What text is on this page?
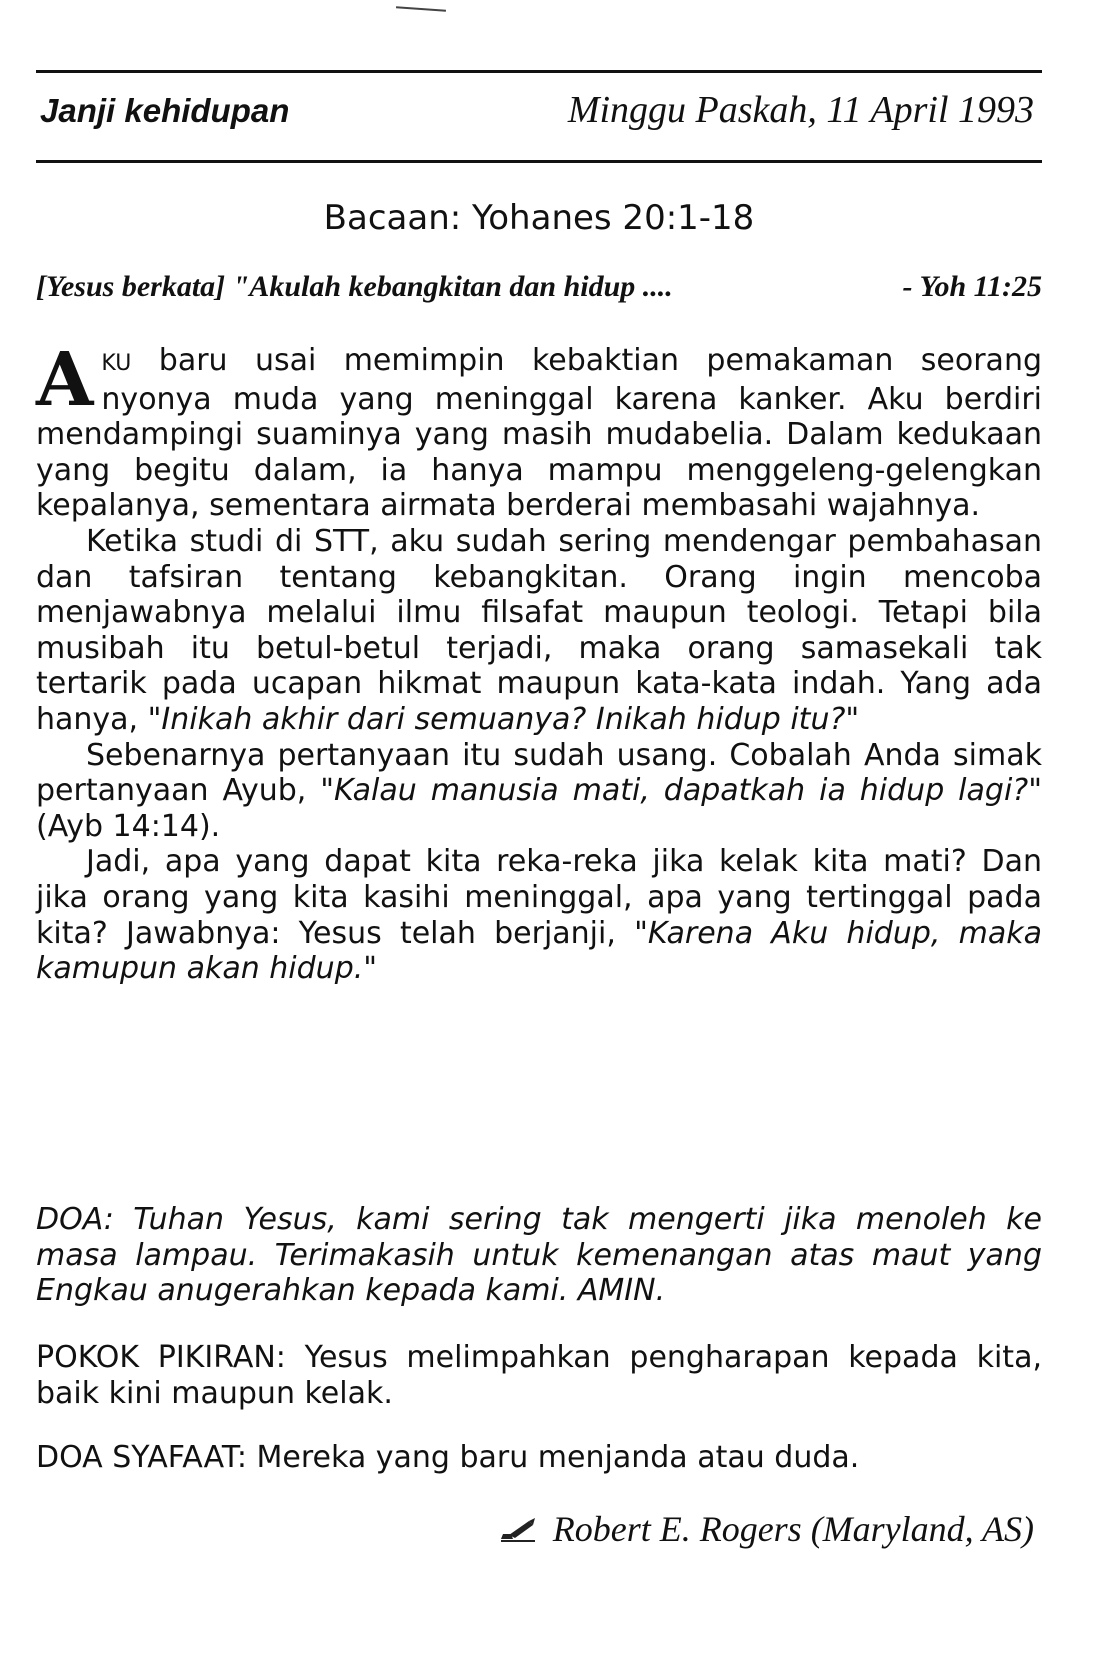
Janji kehidupan	Minggu Paskah, 11 April 1993
Bacaan: Yohanes 20:1-18
[Yesus berkata] "Akulah kebangkitan dan hidup ....	- Yoh 11:25

AKU baru usai memimpin kebaktian pemakaman seorang nyonya muda yang meninggal karena kanker. Aku berdiri mendampingi suaminya yang masih mudabelia. Dalam kedukaan yang begitu dalam, ia hanya mampu menggeleng-gelengkan kepalanya, sementara airmata berderai membasahi wajahnya.

Ketika studi di STT, aku sudah sering mendengar pembahasan dan tafsiran tentang kebangkitan. Orang ingin mencoba menjawabnya melalui ilmu filsafat maupun teologi. Tetapi bila musibah itu betul-betul terjadi, maka orang samasekali tak tertarik pada ucapan hikmat maupun kata-kata indah. Yang ada hanya, "Inikah akhir dari semuanya? Inikah hidup itu?"

Sebenarnya pertanyaan itu sudah usang. Cobalah Anda simak pertanyaan Ayub, "Kalau manusia mati, dapatkah ia hidup lagi?" (Ayb 14:14).

Jadi, apa yang dapat kita reka-reka jika kelak kita mati? Dan jika orang yang kita kasihi meninggal, apa yang tertinggal pada kita? Jawabnya: Yesus telah berjanji, "Karena Aku hidup, maka kamupun akan hidup."

DOA: Tuhan Yesus, kami sering tak mengerti jika menoleh ke masa lampau. Terimakasih untuk kemenangan atas maut yang Engkau anugerahkan kepada kami. AMIN.
POKOK PIKIRAN: Yesus melimpahkan pengharapan kepada kita, baik kini maupun kelak.
DOA SYAFAAT: Mereka yang baru menjanda atau duda.
Robert E. Rogers (Maryland, AS)
